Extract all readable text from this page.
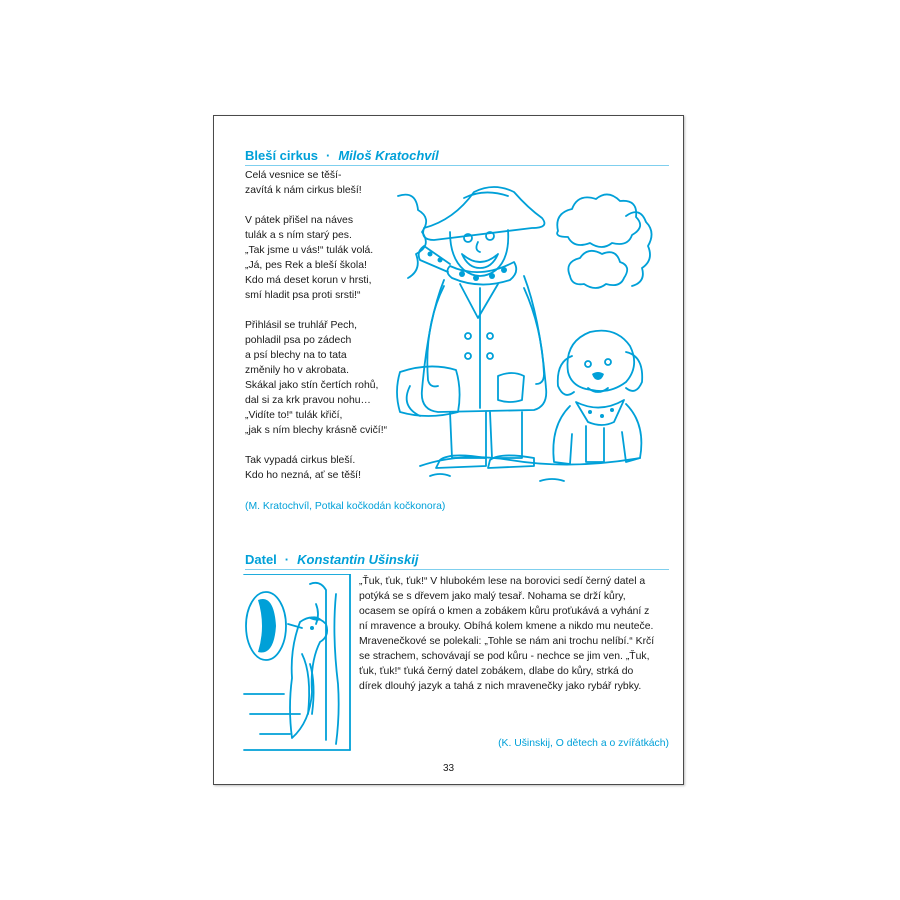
Bleší cirkus · Miloš Kratochvíl
Celá vesnice se těší-
zavítá k nám cirkus bleší!
V pátek přišel na náves
tulák a s ním starý pes.
„Tak jsme u vás!“ tulák volá.
„Já, pes Rek a bleší škola!
Kdo má deset korun v hrsti,
smí hladit psa proti srsti!“
Přihlásil se truhlář Pech,
pohladil psa po zádech
a psí blechy na to tata
změnily ho v akrobata.
Skákal jako stín čertích rohů,
dal si za krk pravou nohu…
„Vidíte to!“ tulák křičí,
„jak s ním blechy krásně cvičí!“
Tak vypadá cirkus bleší.
Kdo ho nezná, ať se těší!
(M. Kratochvíl, Potkal kočkodán kočkonora)
Datel · Konstantin Ušinskij
„Ťuk, ťuk, ťuk!“ V hlubokém lese na borovici sedí černý datel a potýká se s dřevem jako malý tesař. Nohama se drží kůry, ocasem se opírá o kmen a zobákem kůru proťukává a vyhání z ní mravence a brouky. Obíhá kolem kmene a nikdo mu neuteče. Mravenečkové se polekali: „Tohle se nám ani trochu nelíbí.“ Krčí se strachem, schovávají se pod kůru - nechce se jim ven. „Ťuk, ťuk, ťuk!“ ťuká černý datel zobákem, dlabe do kůry, strká do dírek dlouhý jazyk a tahá z nich mravenečky jako rybář rybky.
(K. Ušinskij, O dětech a o zvířátkách)
33
